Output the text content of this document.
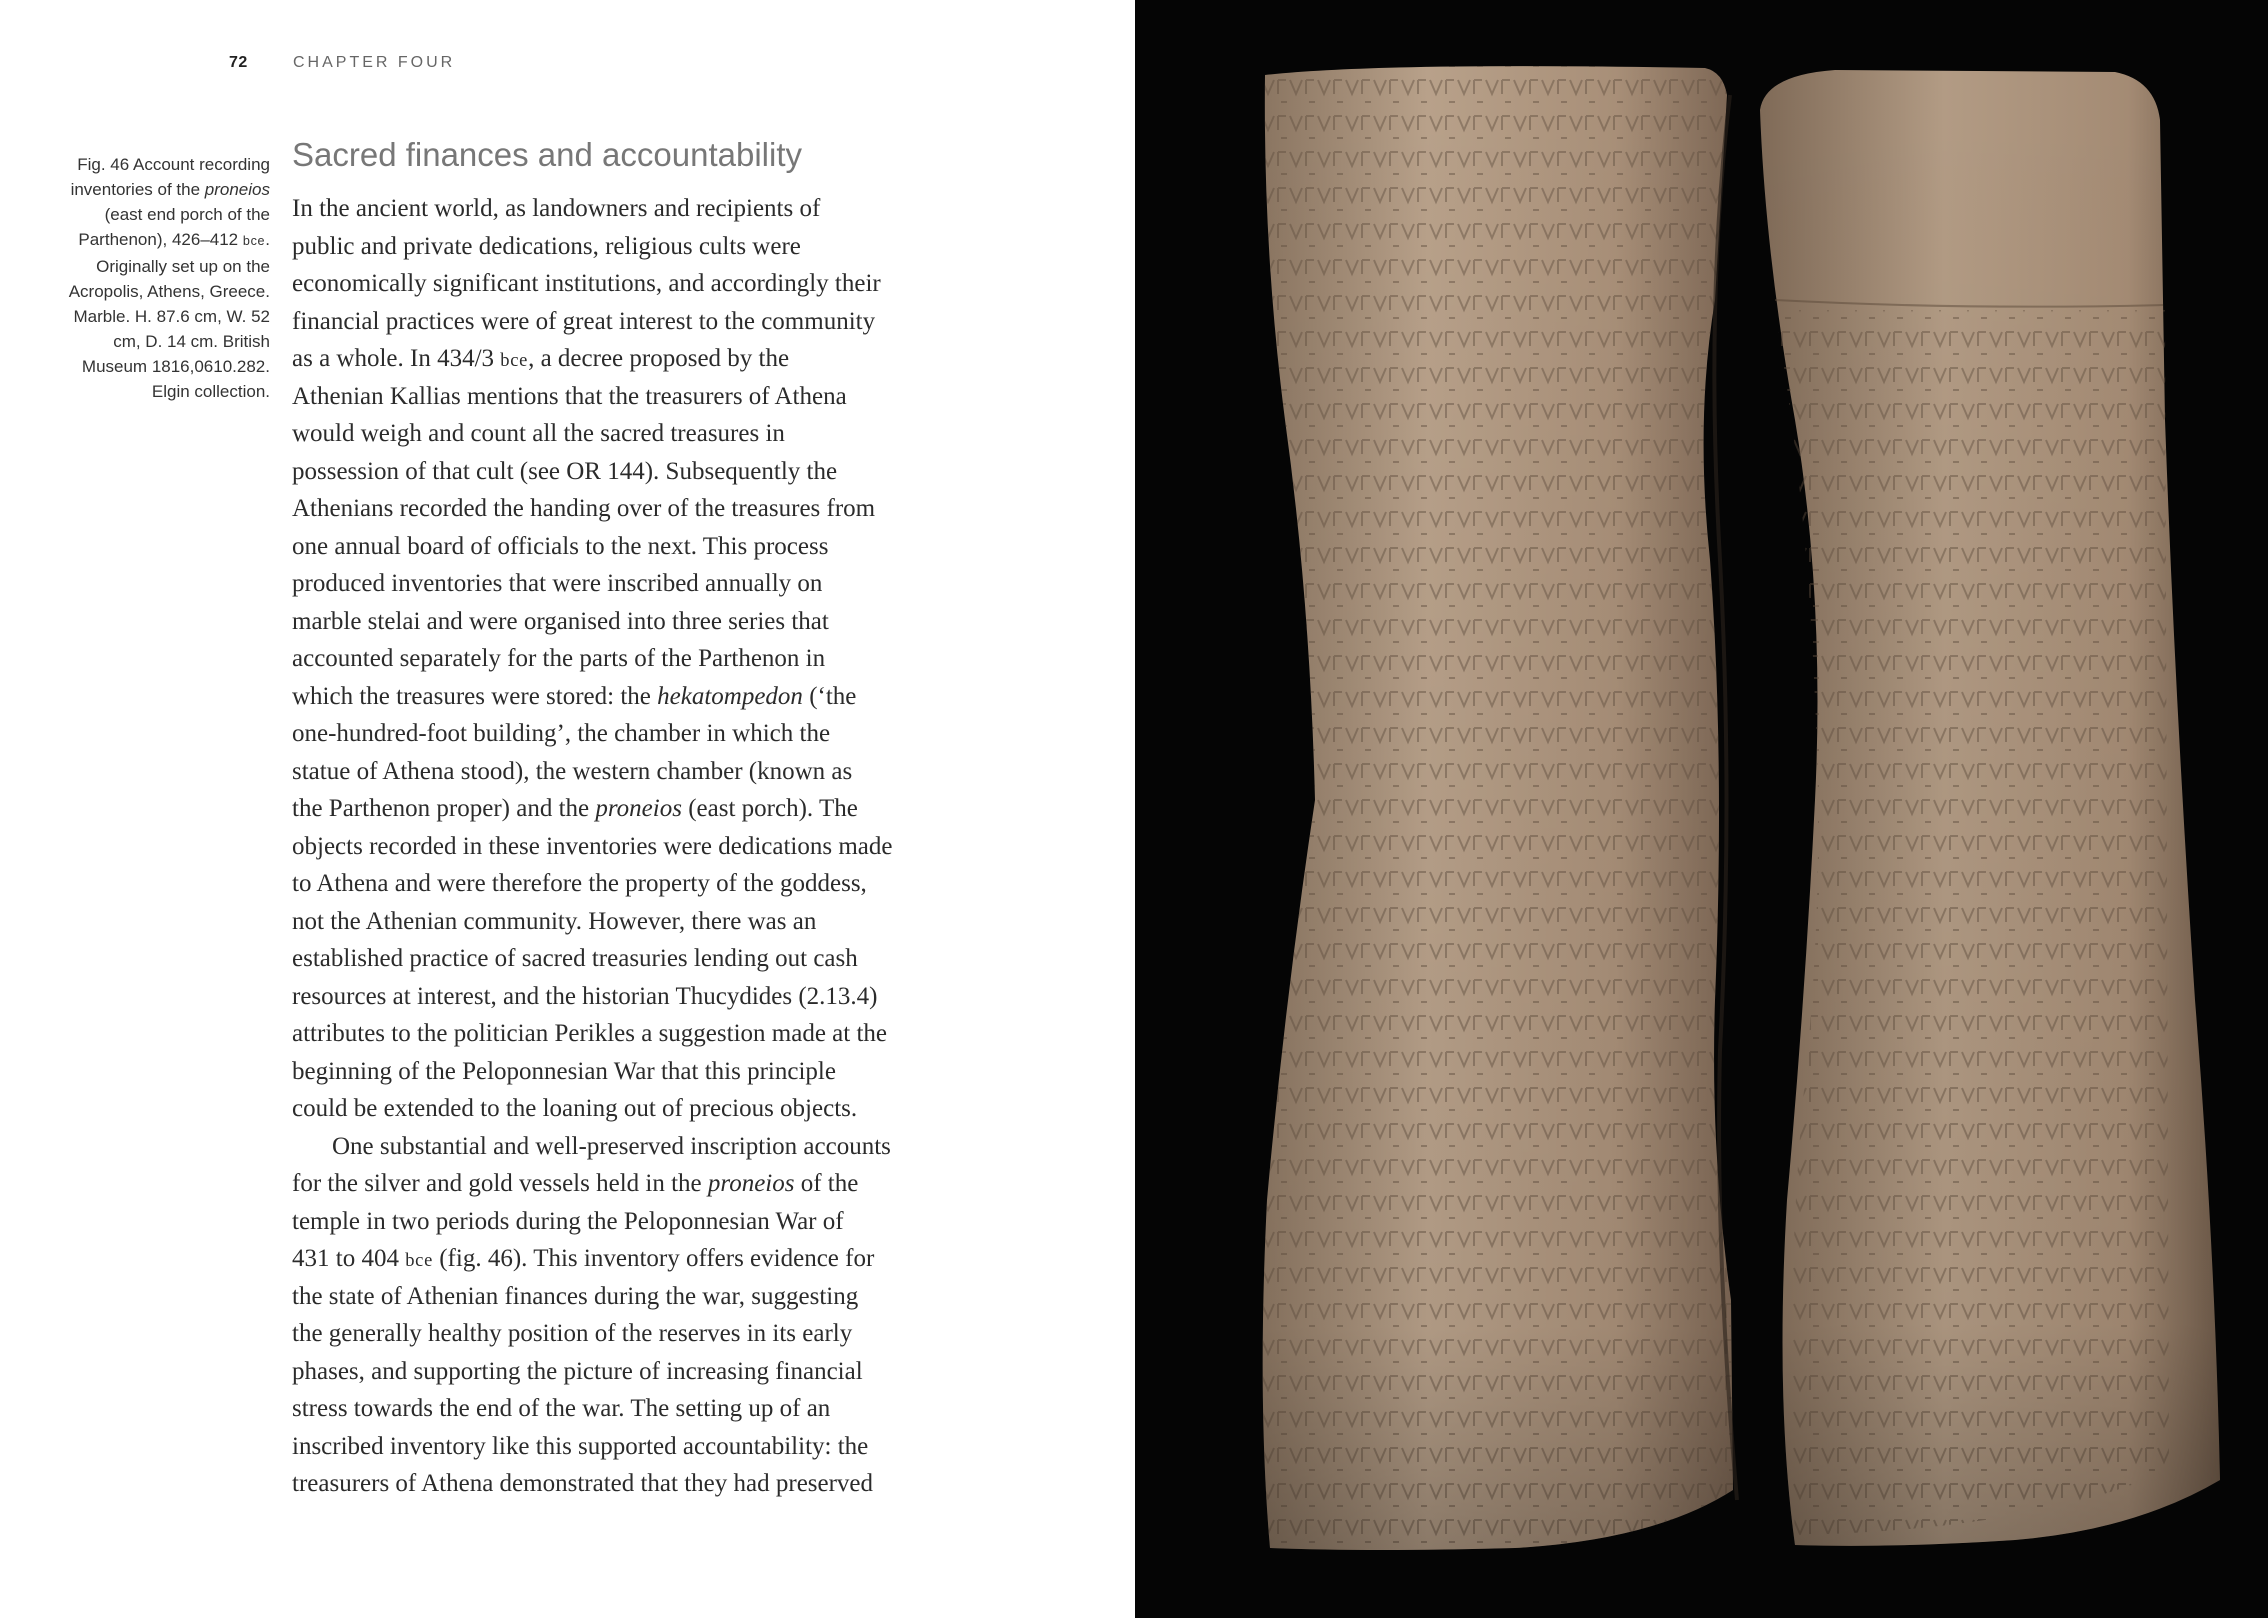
72	CHAPTER FOUR
Fig. 46 Account recording inventories of the proneios (east end porch of the Parthenon), 426–412 bce. Originally set up on the Acropolis, Athens, Greece. Marble. H. 87.6 cm, W. 52 cm, D. 14 cm. British Museum 1816,0610.282. Elgin collection.
Sacred finances and accountability
In the ancient world, as landowners and recipients of
public and private dedications, religious cults were
economically significant institutions, and accordingly their
financial practices were of great interest to the community
as a whole. In 434/3 bce, a decree proposed by the
Athenian Kallias mentions that the treasurers of Athena
would weigh and count all the sacred treasures in
possession of that cult (see OR 144). Subsequently the
Athenians recorded the handing over of the treasures from
one annual board of officials to the next. This process
produced inventories that were inscribed annually on
marble stelai and were organised into three series that
accounted separately for the parts of the Parthenon in
which the treasures were stored: the hekatompedon (‘the
one-hundred-foot building’, the chamber in which the
statue of Athena stood), the western chamber (known as
the Parthenon proper) and the proneios (east porch). The
objects recorded in these inventories were dedications made
to Athena and were therefore the property of the goddess,
not the Athenian community. However, there was an
established practice of sacred treasuries lending out cash
resources at interest, and the historian Thucydides (2.13.4)
attributes to the politician Perikles a suggestion made at the
beginning of the Peloponnesian War that this principle
could be extended to the loaning out of precious objects.
One substantial and well-preserved inscription accounts
for the silver and gold vessels held in the proneios of the
temple in two periods during the Peloponnesian War of
431 to 404 bce (fig. 46). This inventory offers evidence for
the state of Athenian finances during the war, suggesting
the generally healthy position of the reserves in its early
phases, and supporting the picture of increasing financial
stress towards the end of the war. The setting up of an
inscribed inventory like this supported accountability: the
treasurers of Athena demonstrated that they had preserved
